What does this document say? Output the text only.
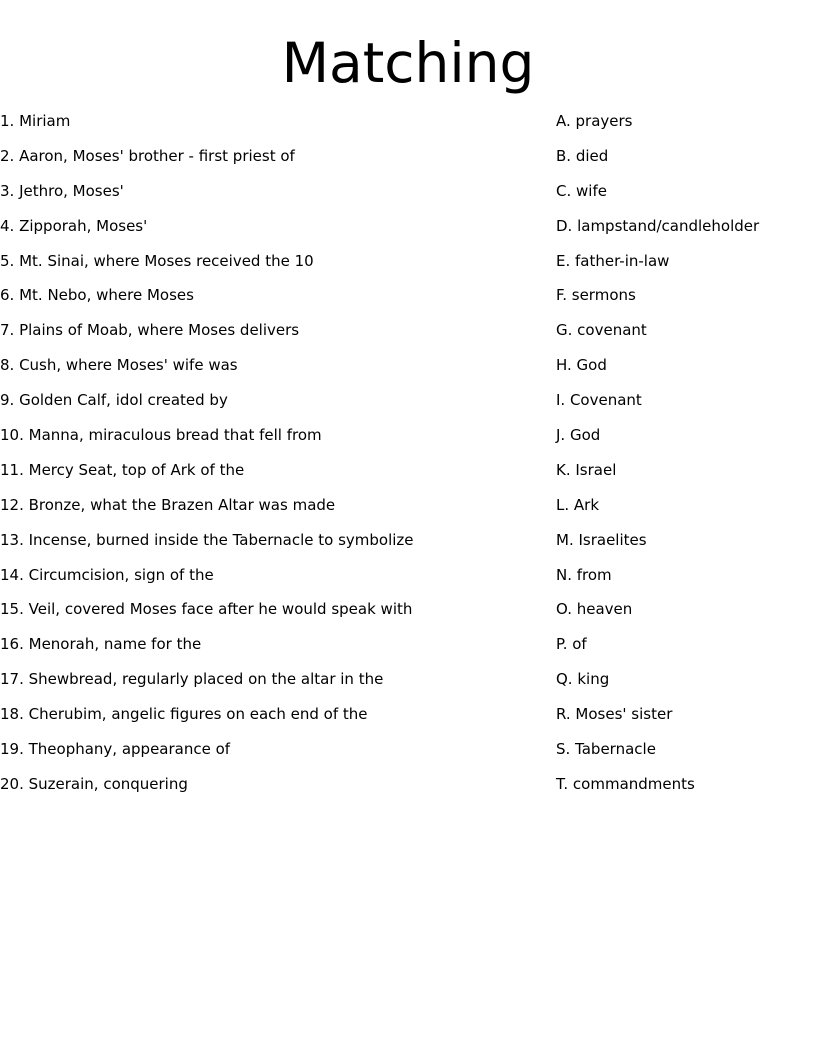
Matching
1. Miriam
2. Aaron, Moses' brother - first priest of
3. Jethro, Moses'
4. Zipporah, Moses'
5. Mt. Sinai, where Moses received the 10
6. Mt. Nebo, where Moses
7. Plains of Moab, where Moses delivers
8. Cush, where Moses' wife was
9. Golden Calf, idol created by
10. Manna, miraculous bread that fell from
11. Mercy Seat, top of Ark of the
12. Bronze, what the Brazen Altar was made
13. Incense, burned inside the Tabernacle to symbolize
14. Circumcision, sign of the
15. Veil, covered Moses face after he would speak with
16. Menorah, name for the
17. Shewbread, regularly placed on the altar in the
18. Cherubim, angelic figures on each end of the
19. Theophany, appearance of
20. Suzerain, conquering
A. prayers
B. died
C. wife
D. lampstand/candleholder
E. father-in-law
F. sermons
G. covenant
H. God
I. Covenant
J. God
K. Israel
L. Ark
M. Israelites
N. from
O. heaven
P. of
Q. king
R. Moses' sister
S. Tabernacle
T. commandments
